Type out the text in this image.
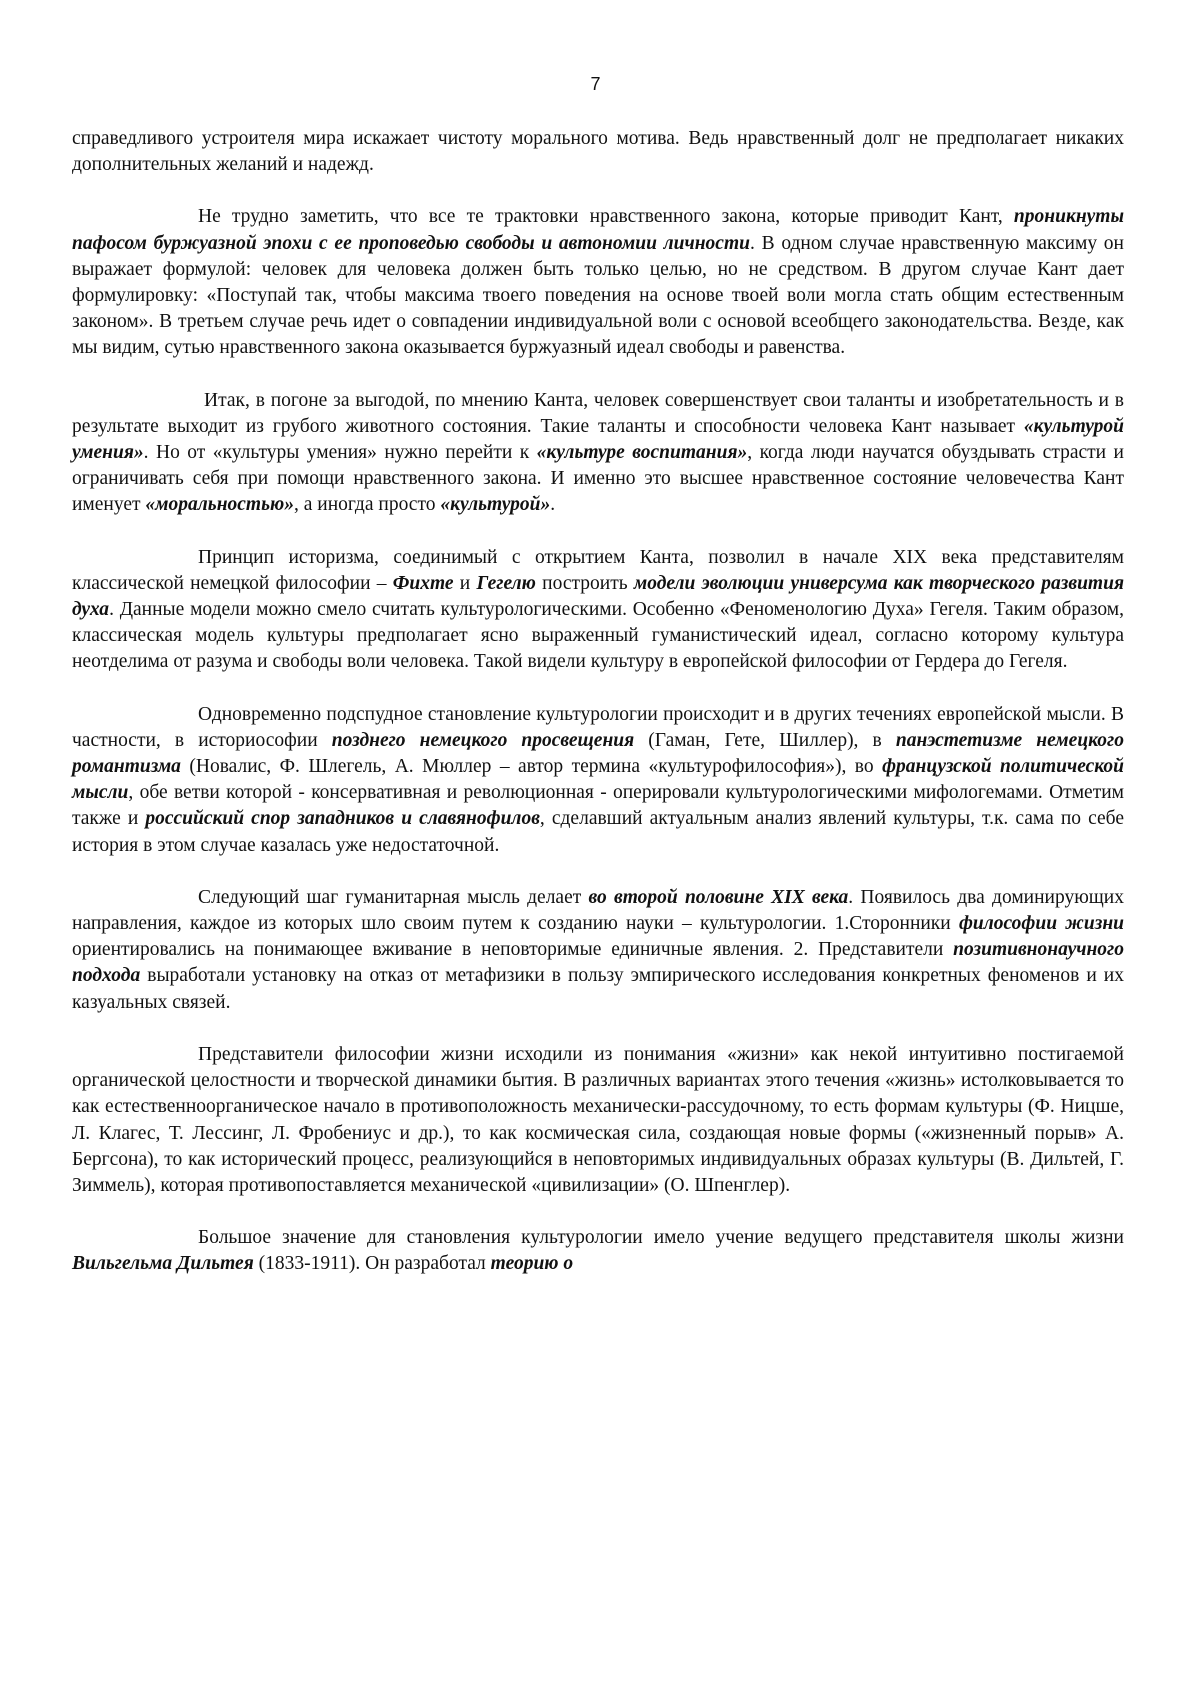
7

справедливого устроителя мира искажает чистоту морального мотива. Ведь нравственный долг не предполагает никаких дополнительных желаний и надежд.

Не трудно заметить, что все те трактовки нравственного закона, которые приводит Кант, проникнуты пафосом буржуазной эпохи с ее проповедью свободы и автономии личности. В одном случае нравственную максиму он выражает формулой: человек для человека должен быть только целью, но не средством. В другом случае Кант дает формулировку: «Поступай так, чтобы максима твоего поведения на основе твоей воли могла стать общим естественным законом». В третьем случае речь идет о совпадении индивидуальной воли с основой всеобщего законодательства. Везде, как мы видим, сутью нравственного закона оказывается буржуазный идеал свободы и равенства.

Итак, в погоне за выгодой, по мнению Канта, человек совершенствует свои таланты и изобретательность и в результате выходит из грубого животного состояния. Такие таланты и способности человека Кант называет «культурой умения». Но от «культуры умения» нужно перейти к «культуре воспитания», когда люди научатся обуздывать страсти и ограничивать себя при помощи нравственного закона. И именно это высшее нравственное состояние человечества Кант именует «моральностью», а иногда просто «культурой».

Принцип историзма, соединимый с открытием Канта, позволил в начале XIX века представителям классической немецкой философии – Фихте и Гегелю построить модели эволюции универсума как творческого развития духа. Данные модели можно смело считать культурологическими. Особенно «Феноменологию Духа» Гегеля. Таким образом, классическая модель культуры предполагает ясно выраженный гуманистический идеал, согласно которому культура неотделима от разума и свободы воли человека. Такой видели культуру в европейской философии от Гердера до Гегеля.

Одновременно подспудное становление культурологии происходит и в других течениях европейской мысли. В частности, в историософии позднего немецкого просвещения (Гаман, Гете, Шиллер), в панэстетизме немецкого романтизма (Новалис, Ф. Шлегель, А. Мюллер – автор термина «культурофилософия»), во французской политической мысли, обе ветви которой - консервативная и революционная - оперировали культурологическими мифологемами. Отметим также и российский спор западников и славянофилов, сделавший актуальным анализ явлений культуры, т.к. сама по себе история в этом случае казалась уже недостаточной.

Следующий шаг гуманитарная мысль делает во второй половине XIX века. Появилось два доминирующих направления, каждое из которых шло своим путем к созданию науки – культурологии. 1.Сторонники философии жизни ориентировались на понимающее вживание в неповторимые единичные явления. 2. Представители позитивнонаучного подхода выработали установку на отказ от метафизики в пользу эмпирического исследования конкретных феноменов и их казуальных связей.

Представители философии жизни исходили из понимания «жизни» как некой интуитивно постигаемой органической целостности и творческой динамики бытия. В различных вариантах этого течения «жизнь» истолковывается то как естественноорганическое начало в противоположность механически-рассудочному, то есть формам культуры (Ф. Ницше, Л. Клагес, Т. Лессинг, Л. Фробениус и др.), то как космическая сила, создающая новые формы («жизненный порыв» А. Бергсона), то как исторический процесс, реализующийся в неповторимых индивидуальных образах культуры (В. Дильтей, Г. Зиммель), которая противопоставляется механической «цивилизации» (О. Шпенглер).

Большое значение для становления культурологии имело учение ведущего представителя школы жизни Вильгельма Дильтея (1833-1911). Он разработал теорию о
